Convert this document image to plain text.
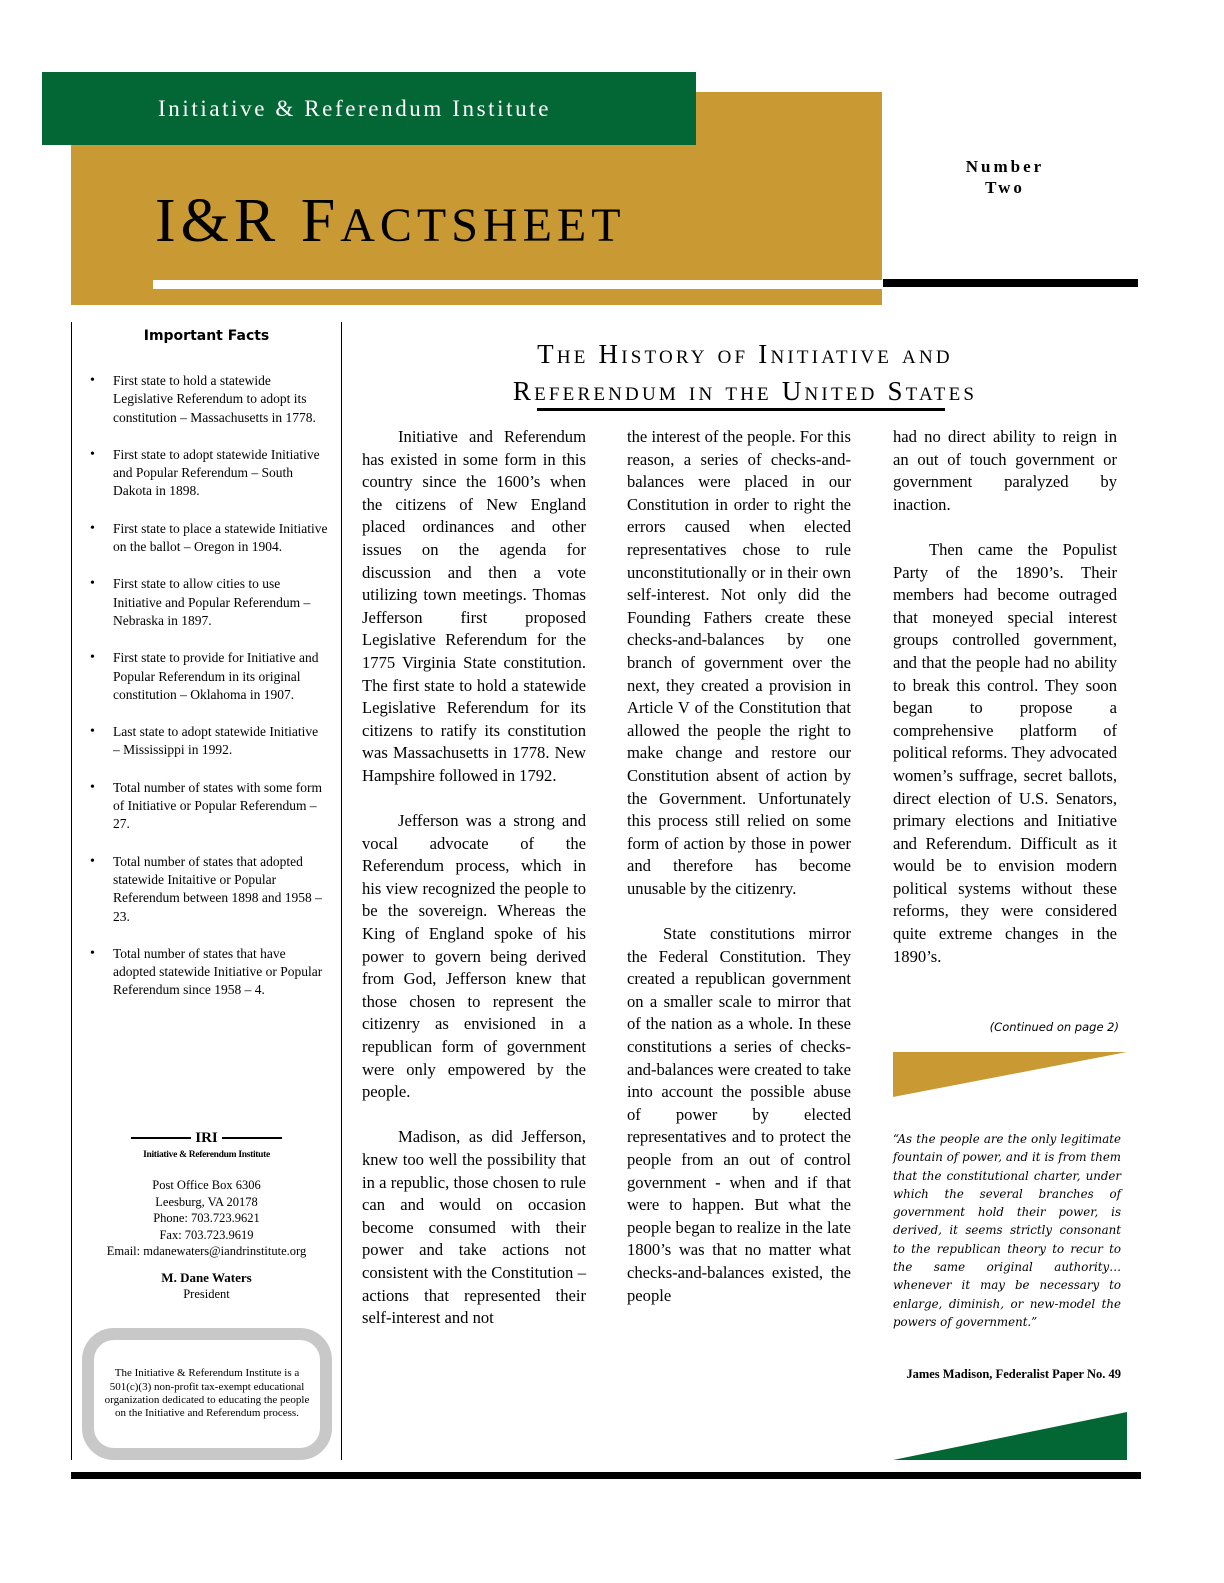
Initiative & Referendum Institute
I&R FACTSHEET
Number
Two
Important Facts
• First state to hold a statewide Legislative Referendum to adopt its constitution – Massachusetts in 1778.
• First state to adopt statewide Initiative and Popular Referendum – South Dakota in 1898.
• First state to place a statewide Initiative on the ballot – Oregon in 1904.
• First state to allow cities to use Initiative and Popular Referendum – Nebraska in 1897.
• First state to provide for Initiative and Popular Referendum in its original constitution – Oklahoma in 1907.
• Last state to adopt statewide Initiative – Mississippi in 1992.
• Total number of states with some form of Initiative or Popular Referendum – 27.
• Total number of states that adopted statewide Initaitive or Popular Referendum between 1898 and 1958 – 23.
• Total number of states that have adopted statewide Initiative or Popular Referendum since 1958 – 4.
IRI
Initiative & Referendum Institute
Post Office Box 6306
Leesburg, VA 20178
Phone: 703.723.9621
Fax: 703.723.9619
Email: mdanewaters@iandrinstitute.org
M. Dane Waters
President
The Initiative & Referendum Institute is a 501(c)(3) non-profit tax-exempt educational organization dedicated to educating the people on the Initiative and Referendum process.
The History of Initiative and
Referendum in the United States

Initiative and Referendum has existed in some form in this country since the 1600’s when the citizens of New England placed ordinances and other issues on the agenda for discussion and then a vote utilizing town meetings. Thomas Jefferson first proposed Legislative Referendum for the 1775 Virginia State constitution. The first state to hold a statewide Legislative Referendum for its citizens to ratify its constitution was Massachusetts in 1778. New Hampshire followed in 1792.

Jefferson was a strong and vocal advocate of the Referendum process, which in his view recognized the people to be the sovereign. Whereas the King of England spoke of his power to govern being derived from God, Jefferson knew that those chosen to represent the citizenry as envisioned in a republican form of government were only empowered by the people.

Madison, as did Jefferson, knew too well the possibility that in a republic, those chosen to rule can and would on occasion become consumed with their power and take actions not consistent with the Constitution – actions that represented their self-interest and not

the interest of the people. For this reason, a series of checks-and-balances were placed in our Constitution in order to right the errors caused when elected representatives chose to rule unconstitutionally or in their own self-interest. Not only did the Founding Fathers create these checks-and-balances by one branch of government over the next, they created a provision in Article V of the Constitution that allowed the people the right to make change and restore our Constitution absent of action by the Government. Unfortunately this process still relied on some form of action by those in power and therefore has become unusable by the citizenry.

State constitutions mirror the Federal Constitution. They created a republican government on a smaller scale to mirror that of the nation as a whole. In these constitutions a series of checks-and-balances were created to take into account the possible abuse of power by elected representatives and to protect the people from an out of control government - when and if that were to happen. But what the people began to realize in the late 1800’s was that no matter what checks-and-balances existed, the people

had no direct ability to reign in an out of touch government or government paralyzed by inaction.

Then came the Populist Party of the 1890’s. Their members had become outraged that moneyed special interest groups controlled government, and that the people had no ability to break this control. They soon began to propose a comprehensive platform of political reforms. They advocated women’s suffrage, secret ballots, direct election of U.S. Senators, primary elections and Initiative and Referendum. Difficult as it would be to envision modern political systems without these reforms, they were considered quite extreme changes in the 1890’s.

(Continued on page 2)
“As the people are the only legitimate fountain of power, and it is from them that the constitutional charter, under which the several branches of government hold their power, is derived, it seems strictly consonant to the republican theory to recur to the same original authority…whenever it may be necessary to enlarge, diminish, or new-model the powers of government.”
James Madison, Federalist Paper No. 49
